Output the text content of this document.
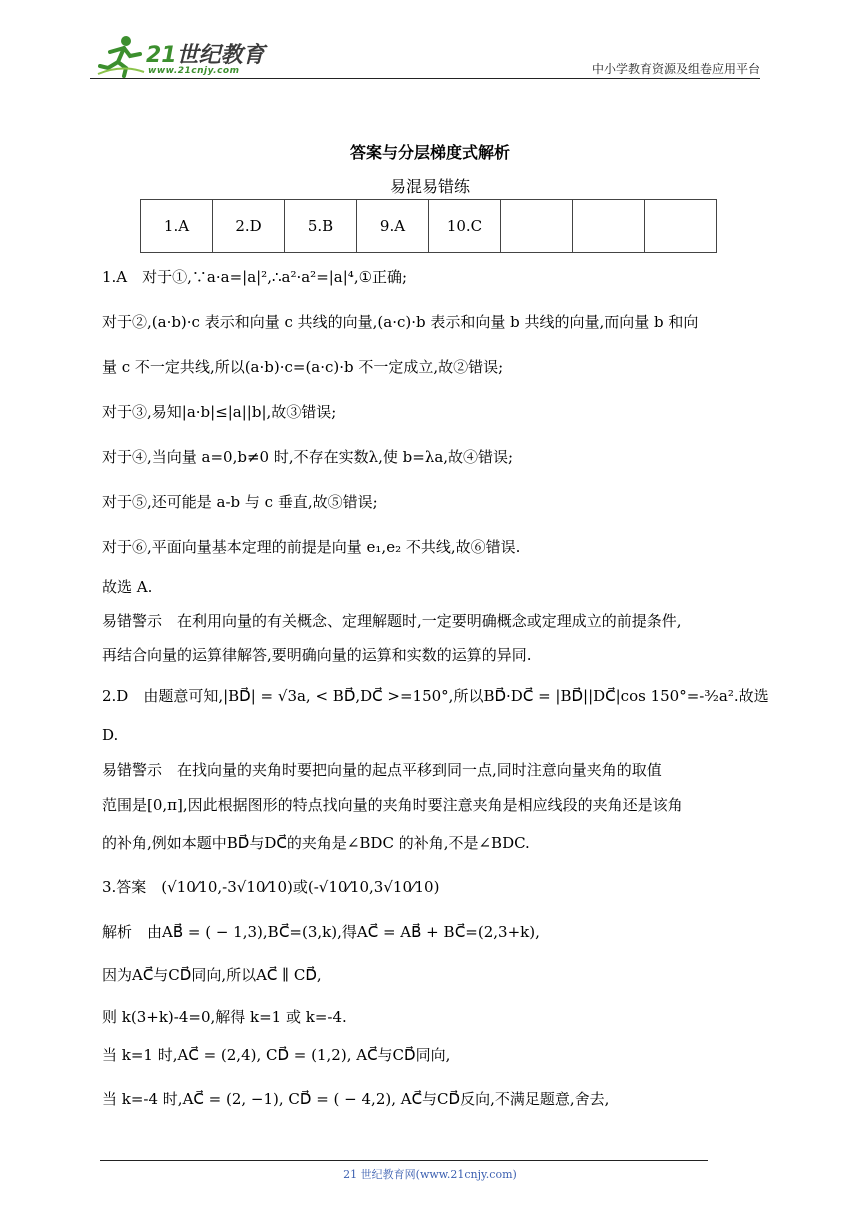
21世纪教育
www.21cnjy.com	中小学教育资源及组卷应用平台
答案与分层梯度式解析
易混易错练
1.A	2.D	5.B	9.A	10.C			
1.A　对于①,∵a·a=|a|²,∴a²·a²=|a|⁴,①正确;
对于②,(a·b)·c 表示和向量 c 共线的向量,(a·c)·b 表示和向量 b 共线的向量,而向量 b 和向
量 c 不一定共线,所以(a·b)·c=(a·c)·b 不一定成立,故②错误;
对于③,易知|a·b|≤|a||b|,故③错误;
对于④,当向量 a=0,b≠0 时,不存在实数λ,使 b=λa,故④错误;
对于⑤,还可能是 a-b 与 c 垂直,故⑤错误;
对于⑥,平面向量基本定理的前提是向量 e₁,e₂ 不共线,故⑥错误.
故选 A.
易错警示　在利用向量的有关概念、定理解题时,一定要明确概念或定理成立的前提条件,
再结合向量的运算律解答,要明确向量的运算和实数的运算的异同.
2.D　由题意可知,|BD⃗| = √3a, < BD⃗,DC⃗ >=150°,所以BD⃗·DC⃗ = |BD⃗||DC⃗|cos 150°=-³⁄₂a².故选
D.
易错警示　在找向量的夹角时要把向量的起点平移到同一点,同时注意向量夹角的取值
范围是[0,π],因此根据图形的特点找向量的夹角时要注意夹角是相应线段的夹角还是该角
的补角,例如本题中BD⃗与DC⃗的夹角是∠BDC 的补角,不是∠BDC.
3.答案　(√10⁄10,-3√10⁄10)或(-√10⁄10,3√10⁄10)
解析　由AB⃗ = ( − 1,3),BC⃗=(3,k),得AC⃗ = AB⃗ + BC⃗=(2,3+k),
因为AC⃗与CD⃗同向,所以AC⃗ ∥ CD⃗,
则 k(3+k)-4=0,解得 k=1 或 k=-4.
当 k=1 时,AC⃗ = (2,4), CD⃗ = (1,2), AC⃗与CD⃗同向,
当 k=-4 时,AC⃗ = (2, −1), CD⃗ = ( − 4,2), AC⃗与CD⃗反向,不满足题意,舍去,
21 世纪教育网(www.21cnjy.com)
